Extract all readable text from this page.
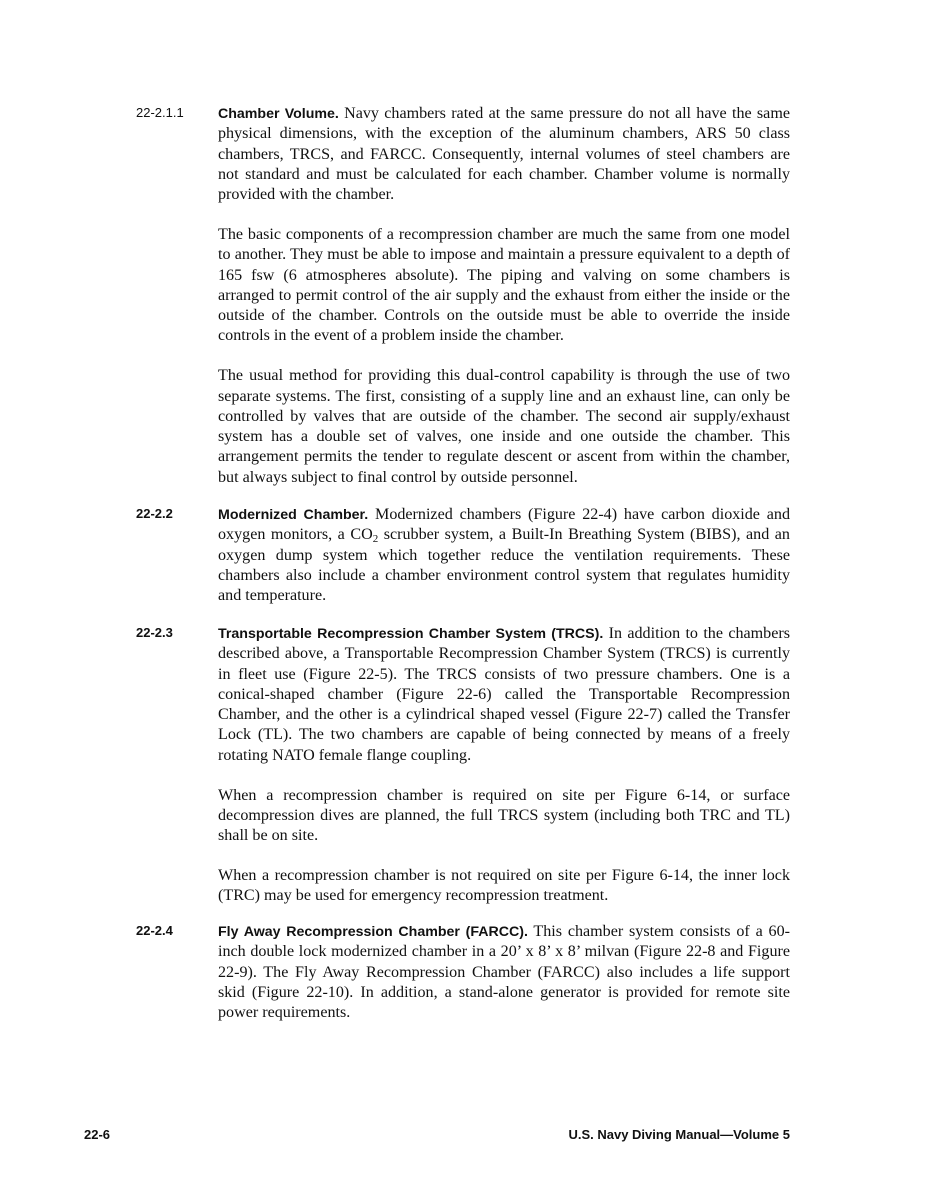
22-2.1.1	Chamber Volume. Navy chambers rated at the same pressure do not all have the same physical dimensions, with the exception of the aluminum chambers, ARS 50 class chambers, TRCS, and FARCC. Consequently, internal volumes of steel chambers are not standard and must be calculated for each chamber. Chamber volume is normally provided with the chamber.

The basic components of a recompression chamber are much the same from one model to another. They must be able to impose and maintain a pressure equivalent to a depth of 165 fsw (6 atmospheres absolute). The piping and valving on some chambers is arranged to permit control of the air supply and the exhaust from either the inside or the outside of the chamber. Controls on the outside must be able to override the inside controls in the event of a problem inside the chamber.

The usual method for providing this dual-control capability is through the use of two separate systems. The first, consisting of a supply line and an exhaust line, can only be controlled by valves that are outside of the chamber. The second air supply/exhaust system has a double set of valves, one inside and one outside the chamber. This arrangement permits the tender to regulate descent or ascent from within the chamber, but always subject to final control by outside personnel.

22-2.2	Modernized Chamber. Modernized chambers (Figure 22-4) have carbon dioxide and oxygen monitors, a $CO_2$ scrubber system, a Built-In Breathing System (BIBS), and an oxygen dump system which together reduce the ventilation requirements. These chambers also include a chamber environment control system that regulates humidity and temperature.

22-2.3	Transportable Recompression Chamber System (TRCS). In addition to the chambers described above, a Transportable Recompression Chamber System (TRCS) is currently in fleet use (Figure 22-5). The TRCS consists of two pressure chambers. One is a conical-shaped chamber (Figure 22-6) called the Transportable Recompression Chamber, and the other is a cylindrical shaped vessel (Figure 22-7) called the Transfer Lock (TL). The two chambers are capable of being connected by means of a freely rotating NATO female flange coupling.

When a recompression chamber is required on site per Figure 6-14, or surface decompression dives are planned, the full TRCS system (including both TRC and TL) shall be on site.

When a recompression chamber is not required on site per Figure 6-14, the inner lock (TRC) may be used for emergency recompression treatment.

22-2.4	Fly Away Recompression Chamber (FARCC). This chamber system consists of a 60-inch double lock modernized chamber in a 20’ x 8’ x 8’ milvan (Figure 22-8 and Figure 22-9). The Fly Away Recompression Chamber (FARCC) also includes a life support skid (Figure 22-10). In addition, a stand-alone generator is provided for remote site power requirements.

22-6	U.S. Navy Diving Manual—Volume 5
